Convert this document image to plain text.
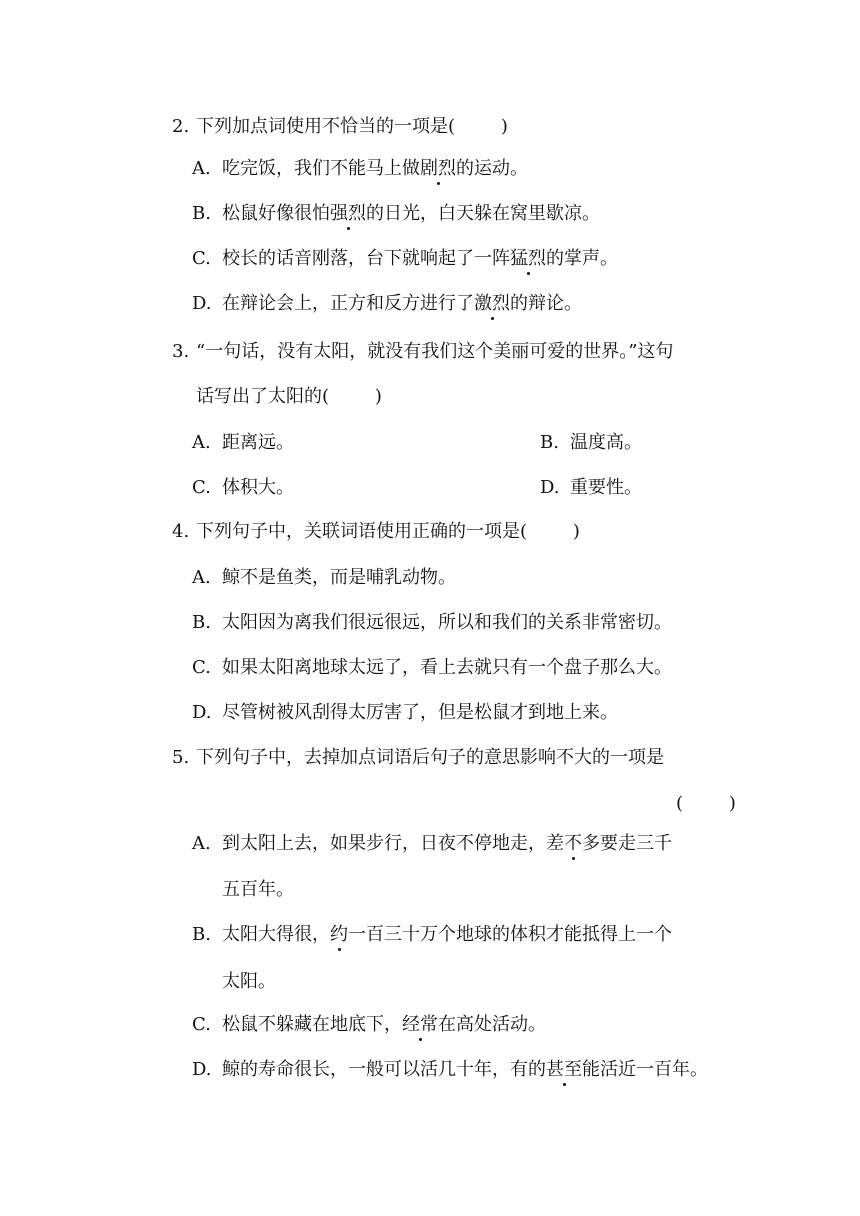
2. 下列加点词使用不恰当的一项是(	)
A. 吃完饭，我们不能马上做剧烈的运动。
B. 松鼠好像很怕强烈的日光，白天躲在窝里歇凉。
C. 校长的话音刚落，台下就响起了一阵猛烈的掌声。
D. 在辩论会上，正方和反方进行了激烈的辩论。
3. “一句话，没有太阳，就没有我们这个美丽可爱的世界。”这句
话写出了太阳的(	)
A. 距离远。	B. 温度高。
C. 体积大。	D. 重要性。
4. 下列句子中，关联词语使用正确的一项是(	)
A. 鲸不是鱼类，而是哺乳动物。
B. 太阳因为离我们很远很远，所以和我们的关系非常密切。
C. 如果太阳离地球太远了，看上去就只有一个盘子那么大。
D. 尽管树被风刮得太厉害了，但是松鼠才到地上来。
5. 下列句子中，去掉加点词语后句子的意思影响不大的一项是
(	)
A. 到太阳上去，如果步行，日夜不停地走，差不多要走三千
五百年。
B. 太阳大得很，约一百三十万个地球的体积才能抵得上一个
太阳。
C. 松鼠不躲藏在地底下，经常在高处活动。
D. 鲸的寿命很长，一般可以活几十年，有的甚至能活近一百年。
